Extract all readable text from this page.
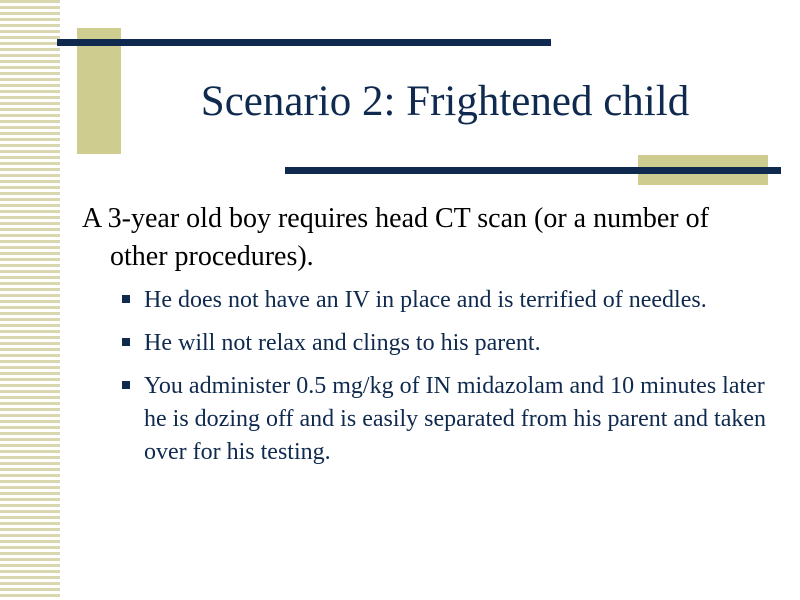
Scenario 2: Frightened child

A 3-year old boy requires head CT scan (or a number of other procedures).

He does not have an IV in place and is terrified of needles.
He will not relax and clings to his parent.
You administer 0.5 mg/kg of IN midazolam and 10 minutes later he is dozing off and is easily separated from his parent and taken over for his testing.
